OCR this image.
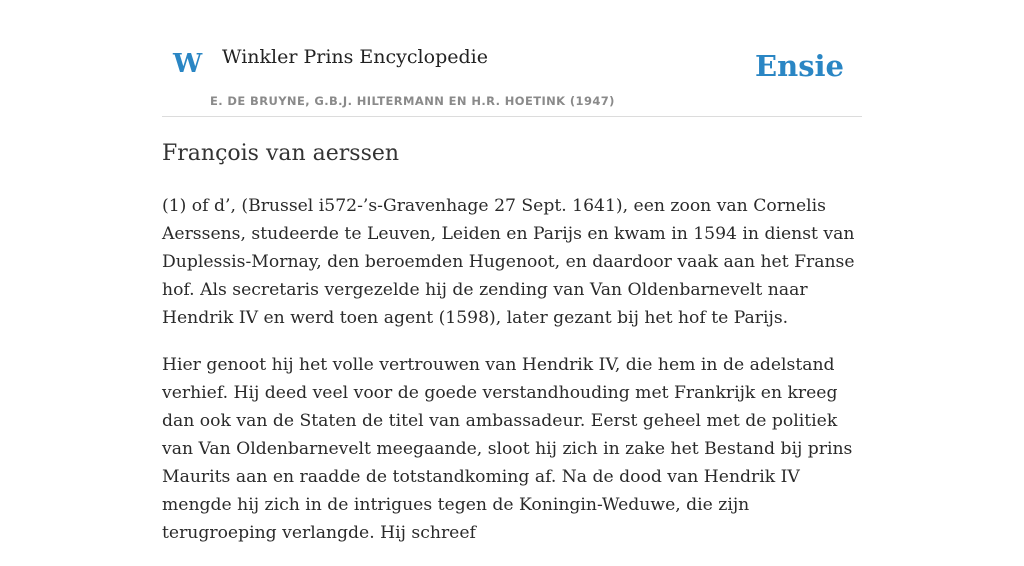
W Winkler Prins Encyclopedie
E. DE BRUYNE, G.B.J. HILTERMANN EN H.R. HOETINK (1947)
Ensie
François van aerssen

(1) of d’, (Brussel i572-’s-Gravenhage 27 Sept. 1641), een zoon van Cornelis Aerssens, studeerde te Leuven, Leiden en Parijs en kwam in 1594 in dienst van Duplessis-Mornay, den beroemden Hugenoot, en daardoor vaak aan het Franse hof. Als secretaris vergezelde hij de zending van Van Oldenbarnevelt naar Hendrik IV en werd toen agent (1598), later gezant bij het hof te Parijs.

Hier genoot hij het volle vertrouwen van Hendrik IV, die hem in de adelstand verhief. Hij deed veel voor de goede verstandhouding met Frankrijk en kreeg dan ook van de Staten de titel van ambassadeur. Eerst geheel met de politiek van Van Oldenbarnevelt meegaande, sloot hij zich in zake het Bestand bij prins Maurits aan en raadde de totstandkoming af. Na de dood van Hendrik IV mengde hij zich in de intrigues tegen de Koningin-Weduwe, die zijn terugroeping verlangde. Hij schreef
